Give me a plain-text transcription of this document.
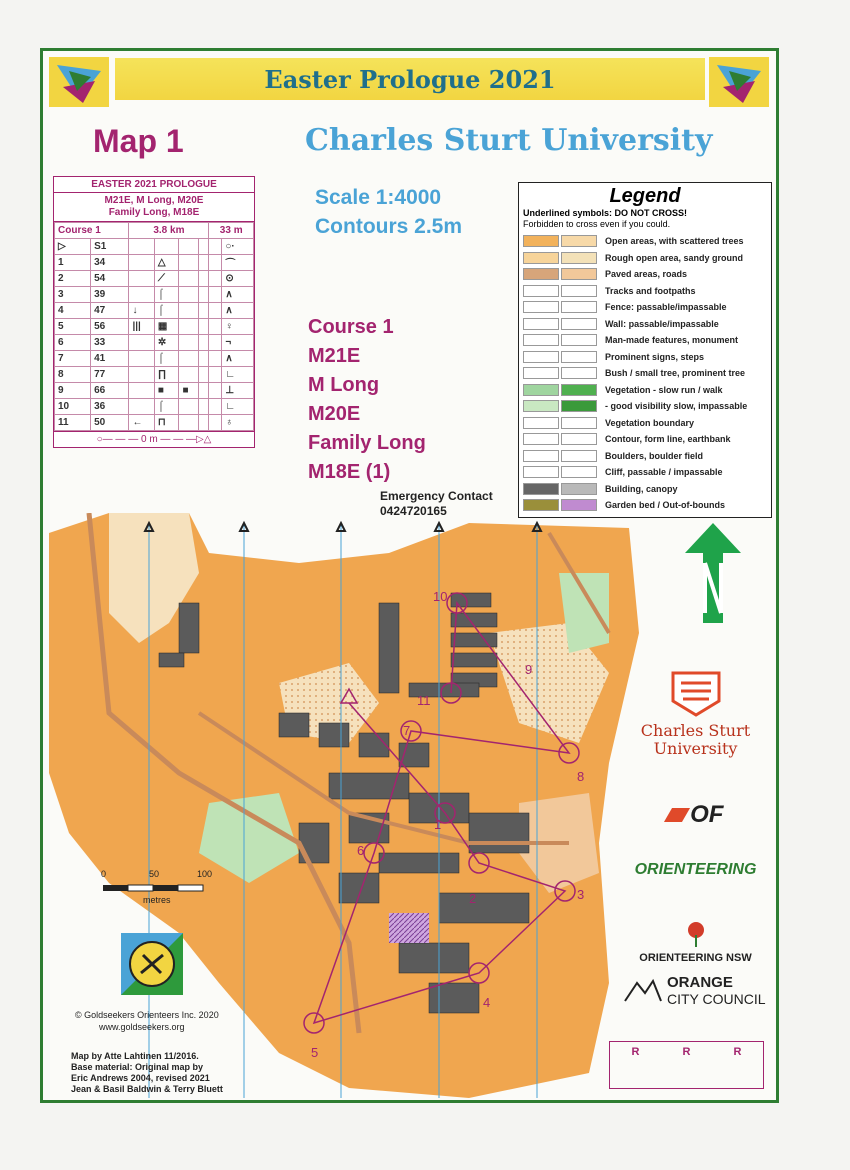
Easter Prologue 2021
Map 1	Charles Sturt University
Scale 1:4000
Contours 2.5m
Course 1
M21E
M Long
M20E
Family Long
M18E (1)
Emergency Contact
0424720165
EASTER 2021 PROLOGUE
M21E, M Long, M20E
Family Long, M18E
Course 1		3.8 km				33 m	
▷	S1						○·
1	34		△				⌒
2	54		⟋				⊙
3	39		⌠				∧
4	47	↓	⌠				∧
5	56	|||	▦				♀
6	33		✲				¬
7	41		⌠				∧
8	77		∏				∟
9	66		■	■			⊥
10	36		⌠				∟
11	50	←	⊓				♁
○— — — 0 m — — —▷△
Legend
Underlined symbols: DO NOT CROSS!
Forbidden to cross even if you could.
Open areas, with scattered trees
Rough open area, sandy ground
Paved areas, roads
Tracks and footpaths
Fence: passable/impassable
Wall: passable/impassable
Man-made features, monument
Prominent signs, steps
Bush / small tree, prominent tree
Vegetation - slow run / walk
- good visibility slow, impassable
Vegetation boundary
Contour, form line, earthbank
Boulders, boulder field
Cliff, passable / impassable
Building, canopy
Garden bed / Out-of-bounds
1
2	3
4
5
6
7
8
9
10
11
0	50	100
metres
© Goldseekers Orienteers Inc. 2020
www.goldseekers.org
Map by Atte Lahtinen 11/2016.
Base material: Original map by
Eric Andrews 2004, revised 2021
Jean & Basil Baldwin & Terry Bluett
Charles Sturt
University
OF
ORIENTEERING
ORIENTEERING NSW
ORANGE
CITY COUNCIL
R	R	R
